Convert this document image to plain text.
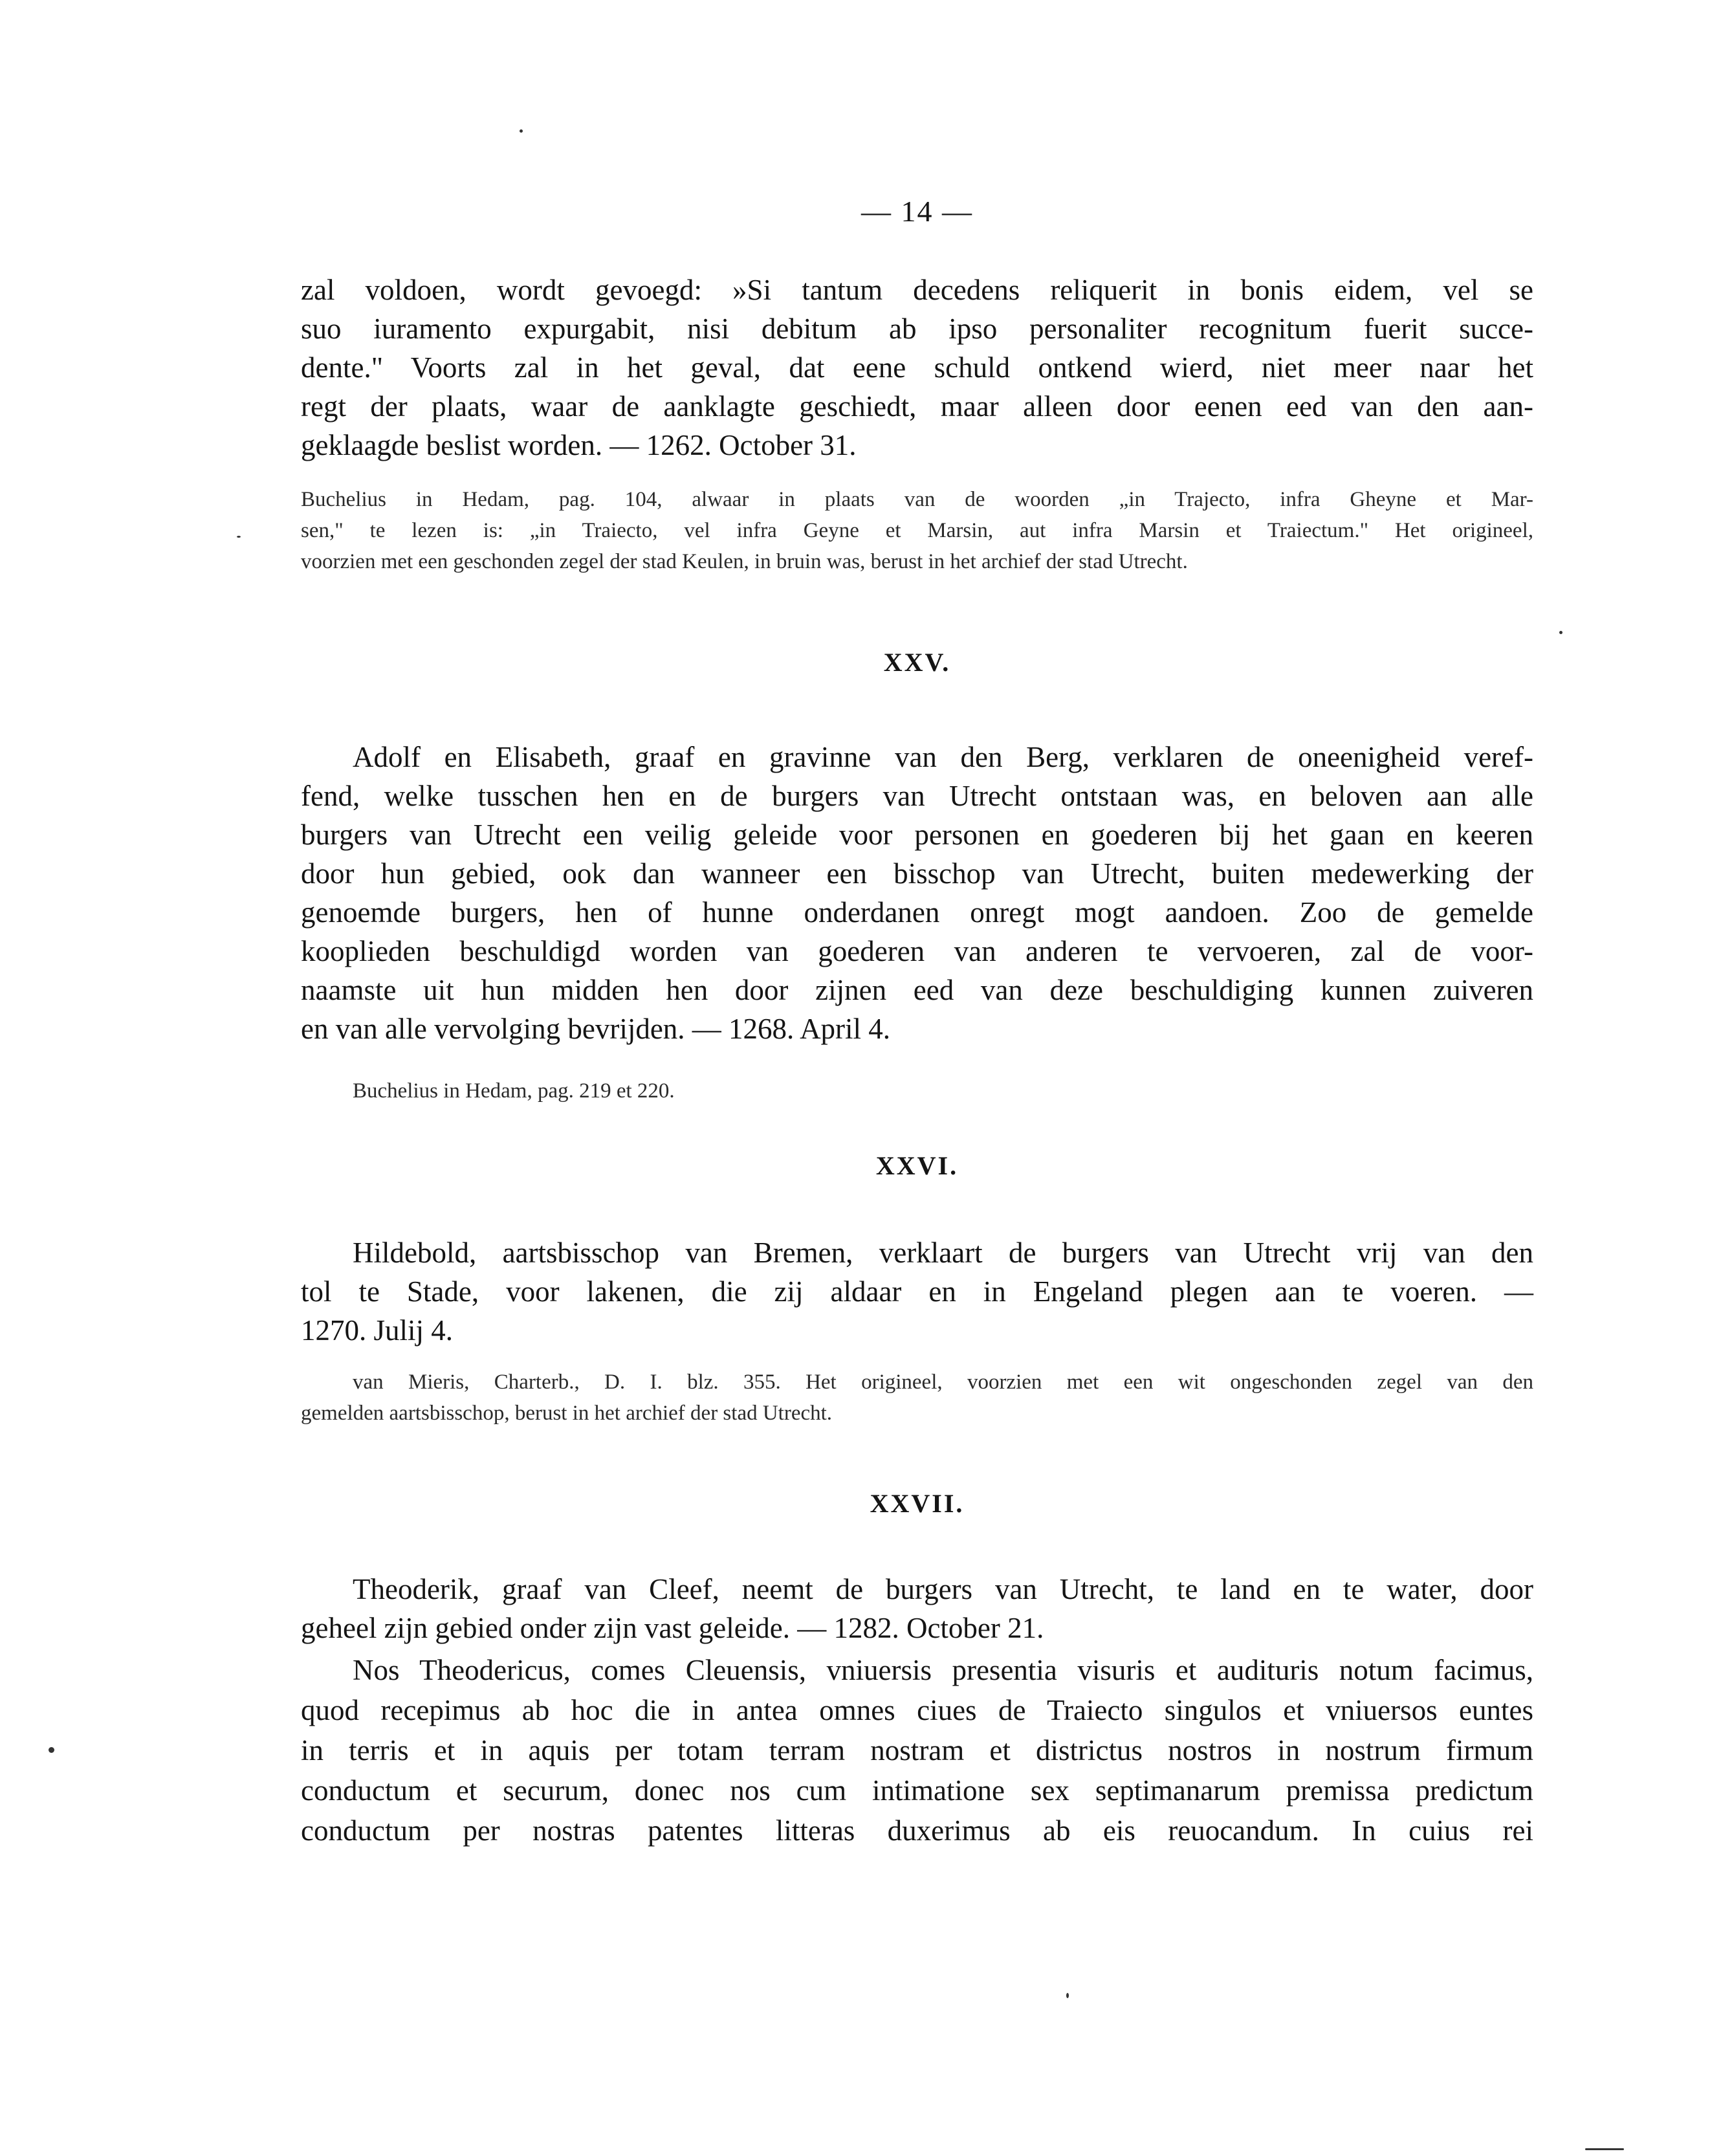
— 14 —

zal voldoen, wordt gevoegd: »Si tantum decedens reliquerit in bonis eidem, vel se
suo iuramento expurgabit, nisi debitum ab ipso personaliter recognitum fuerit succe-
dente." Voorts zal in het geval, dat eene schuld ontkend wierd, niet meer naar het
regt der plaats, waar de aanklagte geschiedt, maar alleen door eenen eed van den aan-
geklaagde beslist worden. — 1262. October 31.

Buchelius in Hedam, pag. 104, alwaar in plaats van de woorden „in Trajecto, infra Gheyne et Mar-
sen," te lezen is: „in Traiecto, vel infra Geyne et Marsin, aut infra Marsin et Traiectum." Het origineel,
voorzien met een geschonden zegel der stad Keulen, in bruin was, berust in het archief der stad Utrecht.

XXV.

Adolf en Elisabeth, graaf en gravinne van den Berg, verklaren de oneenigheid veref-
fend, welke tusschen hen en de burgers van Utrecht ontstaan was, en beloven aan alle
burgers van Utrecht een veilig geleide voor personen en goederen bij het gaan en keeren
door hun gebied, ook dan wanneer een bisschop van Utrecht, buiten medewerking der
genoemde burgers, hen of hunne onderdanen onregt mogt aandoen. Zoo de gemelde
kooplieden beschuldigd worden van goederen van anderen te vervoeren, zal de voor-
naamste uit hun midden hen door zijnen eed van deze beschuldiging kunnen zuiveren
en van alle vervolging bevrijden. — 1268. April 4.

Buchelius in Hedam, pag. 219 et 220.

XXVI.

Hildebold, aartsbisschop van Bremen, verklaart de burgers van Utrecht vrij van den
tol te Stade, voor lakenen, die zij aldaar en in Engeland plegen aan te voeren. —
1270. Julij 4.

van Mieris, Charterb., D. I. blz. 355. Het origineel, voorzien met een wit ongeschonden zegel van den
gemelden aartsbisschop, berust in het archief der stad Utrecht.

XXVII.

Theoderik, graaf van Cleef, neemt de burgers van Utrecht, te land en te water, door
geheel zijn gebied onder zijn vast geleide. — 1282. October 21.

Nos Theodericus, comes Cleuensis, vniuersis presentia visuris et audituris notum facimus,
quod recepimus ab hoc die in antea omnes ciues de Traiecto singulos et vniuersos euntes
in terris et in aquis per totam terram nostram et districtus nostros in nostrum firmum
conductum et securum, donec nos cum intimatione sex septimanarum premissa predictum
conductum per nostras patentes litteras duxerimus ab eis reuocandum. In cuius rei
